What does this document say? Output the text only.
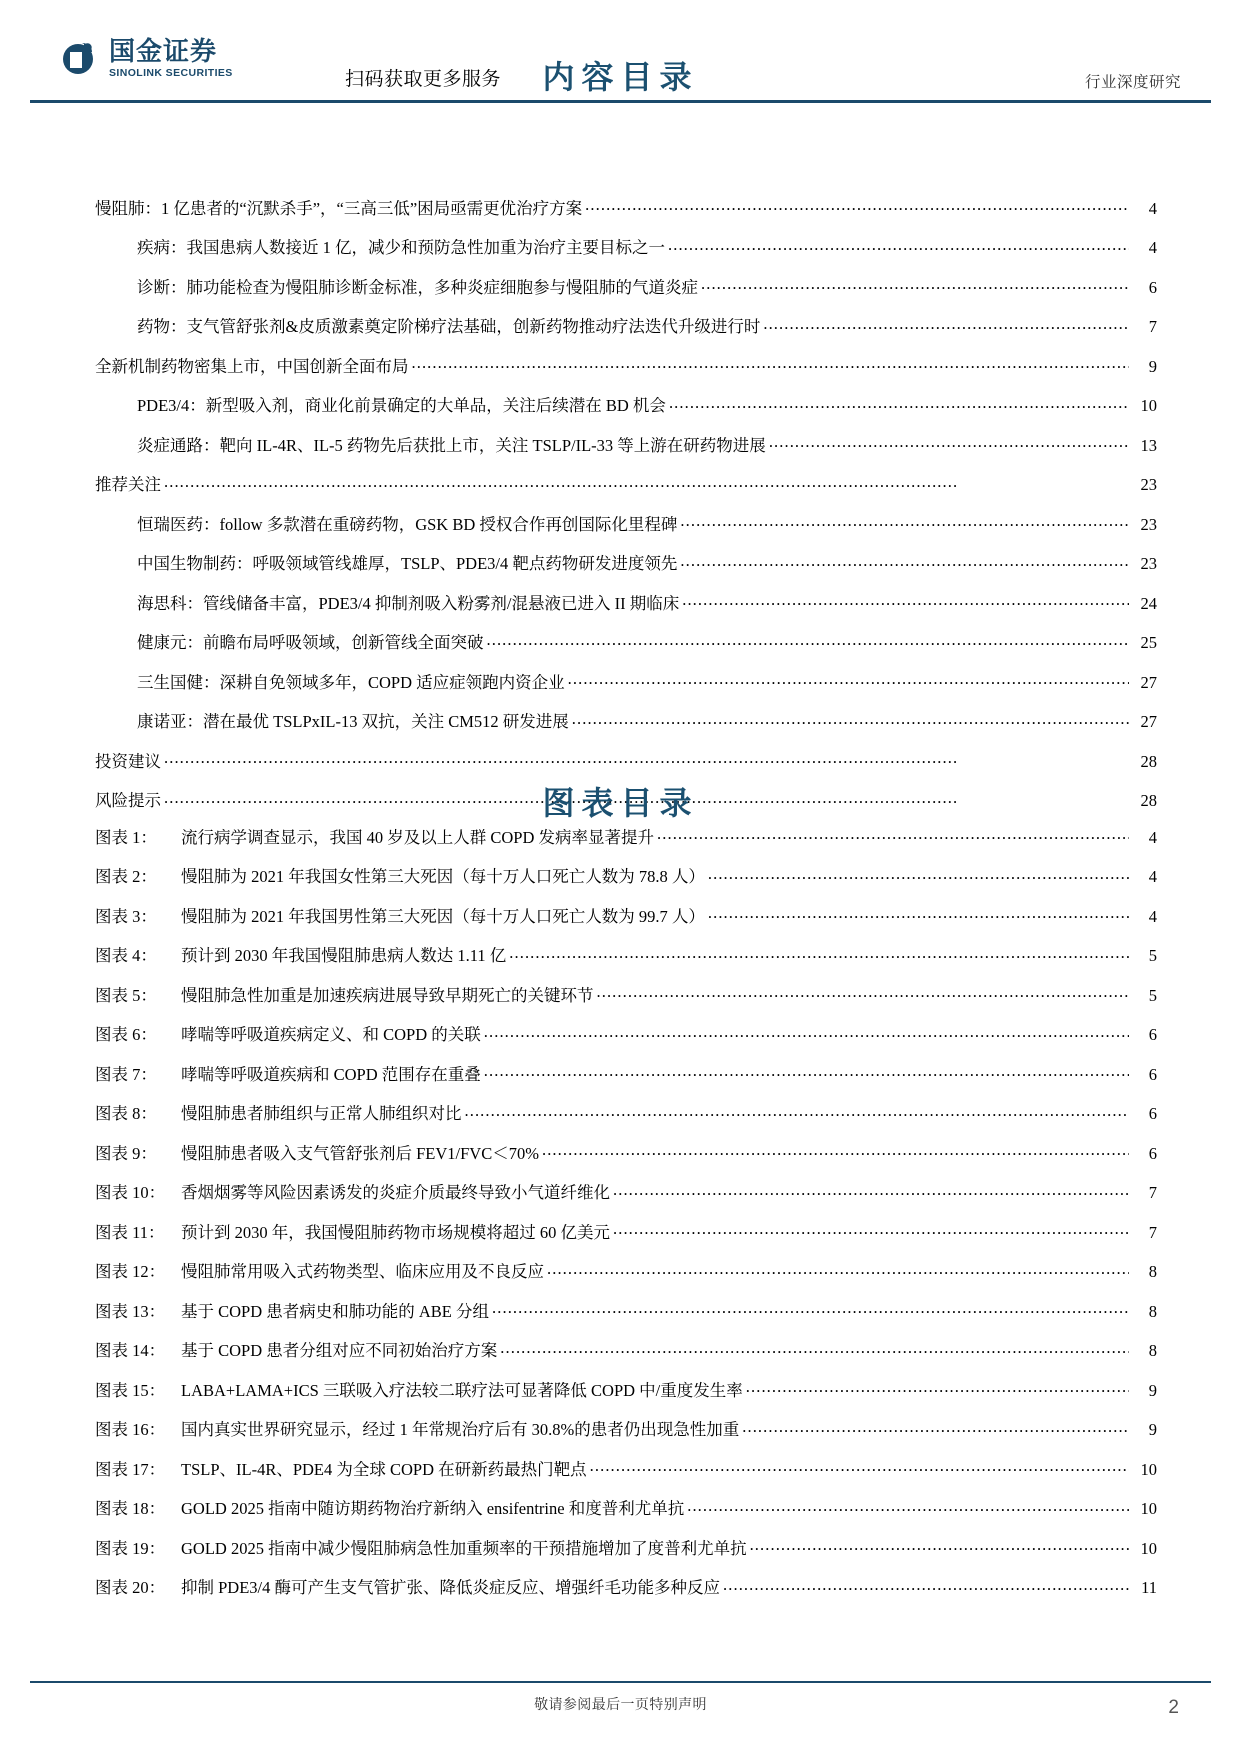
国金证券
SINOLINK SECURITIES	扫码获取更多服务	行业深度研究
内容目录
慢阻肺：1 亿患者的“沉默杀手”，“三高三低”困局亟需更优治疗方案 .....	4
疾病：我国患病人数接近 1 亿，减少和预防急性加重为治疗主要目标之一 .....	4
诊断：肺功能检查为慢阻肺诊断金标准，多种炎症细胞参与慢阻肺的气道炎症 .....	6
药物：支气管舒张剂&皮质激素奠定阶梯疗法基础，创新药物推动疗法迭代升级进行时 .....	7
全新机制药物密集上市，中国创新全面布局 .....	9
PDE3/4：新型吸入剂，商业化前景确定的大单品，关注后续潜在 BD 机会 .....	10
炎症通路：靶向 IL-4R、IL-5 药物先后获批上市，关注 TSLP/IL-33 等上游在研药物进展 .....	13
推荐关注 .....	23
恒瑞医药：follow 多款潜在重磅药物，GSK BD 授权合作再创国际化里程碑 .....	23
中国生物制药：呼吸领域管线雄厚，TSLP、PDE3/4 靶点药物研发进度领先 .....	23
海思科：管线储备丰富，PDE3/4 抑制剂吸入粉雾剂/混悬液已进入 II 期临床 .....	24
健康元：前瞻布局呼吸领域，创新管线全面突破 .....	25
三生国健：深耕自免领域多年，COPD 适应症领跑内资企业 .....	27
康诺亚：潜在最优 TSLPxIL-13 双抗，关注 CM512 研发进展 .....	27
投资建议 .....	28
风险提示 .....	28
图表目录
图表 1：	流行病学调查显示，我国 40 岁及以上人群 COPD 发病率显著提升 .....	4
图表 2：	慢阻肺为 2021 年我国女性第三大死因（每十万人口死亡人数为 78.8 人） .....	4
图表 3：	慢阻肺为 2021 年我国男性第三大死因（每十万人口死亡人数为 99.7 人） .....	4
图表 4：	预计到 2030 年我国慢阻肺患病人数达 1.11 亿 .....	5
图表 5：	慢阻肺急性加重是加速疾病进展导致早期死亡的关键环节 .....	5
图表 6：	哮喘等呼吸道疾病定义、和 COPD 的关联 .....	6
图表 7：	哮喘等呼吸道疾病和 COPD 范围存在重叠 .....	6
图表 8：	慢阻肺患者肺组织与正常人肺组织对比 .....	6
图表 9：	慢阻肺患者吸入支气管舒张剂后 FEV1/FVC＜70% .....	6
图表 10： 香烟烟雾等风险因素诱发的炎症介质最终导致小气道纤维化 .....	7
图表 11： 预计到 2030 年，我国慢阻肺药物市场规模将超过 60 亿美元 .....	7
图表 12： 慢阻肺常用吸入式药物类型、临床应用及不良反应 .....	8
图表 13： 基于 COPD 患者病史和肺功能的 ABE 分组 .....	8
图表 14： 基于 COPD 患者分组对应不同初始治疗方案 .....	8
图表 15： LABA+LAMA+ICS 三联吸入疗法较二联疗法可显著降低 COPD 中/重度发生率 .....	9
图表 16： 国内真实世界研究显示，经过 1 年常规治疗后有 30.8%的患者仍出现急性加重 .....	9
图表 17： TSLP、IL-4R、PDE4 为全球 COPD 在研新药最热门靶点 .....	10
图表 18： GOLD 2025 指南中随访期药物治疗新纳入 ensifentrine 和度普利尤单抗 .....	10
图表 19： GOLD 2025 指南中减少慢阻肺病急性加重频率的干预措施增加了度普利尤单抗 .....	10
图表 20： 抑制 PDE3/4 酶可产生支气管扩张、降低炎症反应、增强纤毛功能多种反应 .....	11
敬请参阅最后一页特别声明	2
